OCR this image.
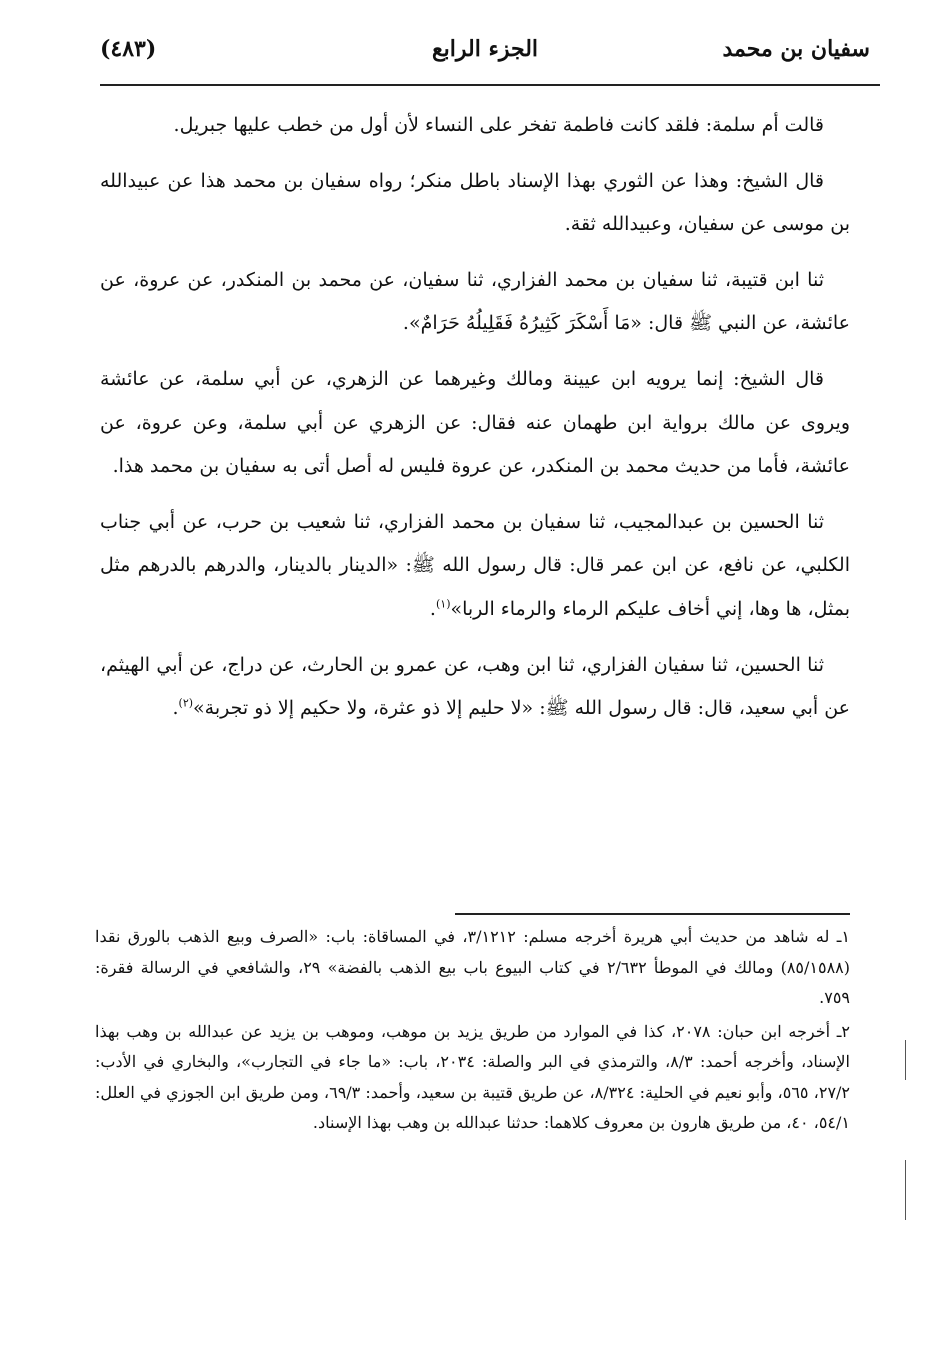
سفيان بن محمد
الجزء الرابع
(٤٨٣)

قالت أم سلمة: فلقد كانت فاطمة تفخر على النساء لأن أول من خطب عليها جبريل.

قال الشيخ: وهذا عن الثوري بهذا الإسناد باطل منكر؛ رواه سفيان بن محمد هذا عن عبيدالله بن موسى عن سفيان، وعبيدالله ثقة.

ثنا ابن قتيبة، ثنا سفيان بن محمد الفزاري، ثنا سفيان، عن محمد بن المنكدر، عن عروة، عن عائشة، عن النبي ﷺ قال: «مَا أَسْكَرَ كَثِيرُهُ فَقَلِيلُهُ حَرَامٌ».

قال الشيخ: إنما يرويه ابن عيينة ومالك وغيرهما عن الزهري، عن أبي سلمة، عن عائشة ويروى عن مالك برواية ابن طهمان عنه فقال: عن الزهري عن أبي سلمة، وعن عروة، عن عائشة، فأما من حديث محمد بن المنكدر، عن عروة فليس له أصل أتى به سفيان بن محمد هذا.

ثنا الحسين بن عبدالمجيب، ثنا سفيان بن محمد الفزاري، ثنا شعيب بن حرب، عن أبي جناب الكلبي، عن نافع، عن ابن عمر قال: قال رسول الله ﷺ: «الدينار بالدينار، والدرهم بالدرهم مثل بمثل، ها وها، إني أخاف عليكم الرماء والرماء الربا»$^{(١)}$.

ثنا الحسين، ثنا سفيان الفزاري، ثنا ابن وهب، عن عمرو بن الحارث، عن دراج، عن أبي الهيثم، عن أبي سعيد، قال: قال رسول الله ﷺ: «لا حليم إلا ذو عثرة، ولا حكيم إلا ذو تجربة»$^{(٢)}$.

١ـ له شاهد من حديث أبي هريرة أخرجه مسلم: ٣/١٢١٢، في المساقاة: باب: «الصرف وبيع الذهب بالورق نقدا (٨٥/١٥٨٨) ومالك في الموطأ ٢/٦٣٢ في كتاب البيوع باب بيع الذهب بالفضة» ٢٩، والشافعي في الرسالة فقرة: ٧٥٩.

٢ـ أخرجه ابن حبان: ٢٠٧٨، كذا في الموارد من طريق يزيد بن موهب، وموهب بن يزيد عن عبدالله بن وهب بهذا الإسناد، وأخرجه أحمد: ٨/٣، والترمذي في البر والصلة: ٢٠٣٤، باب: «ما جاء في التجارب»، والبخاري في الأدب: ٢٧/٢، ٥٦٥، وأبو نعيم في الحلية: ٨/٣٢٤، عن طريق قتيبة بن سعيد، وأحمد: ٦٩/٣، ومن طريق ابن الجوزي في العلل: ٥٤/١، ٤٠، من طريق هارون بن معروف كلاهما: حدثنا عبدالله بن وهب بهذا الإسناد.
